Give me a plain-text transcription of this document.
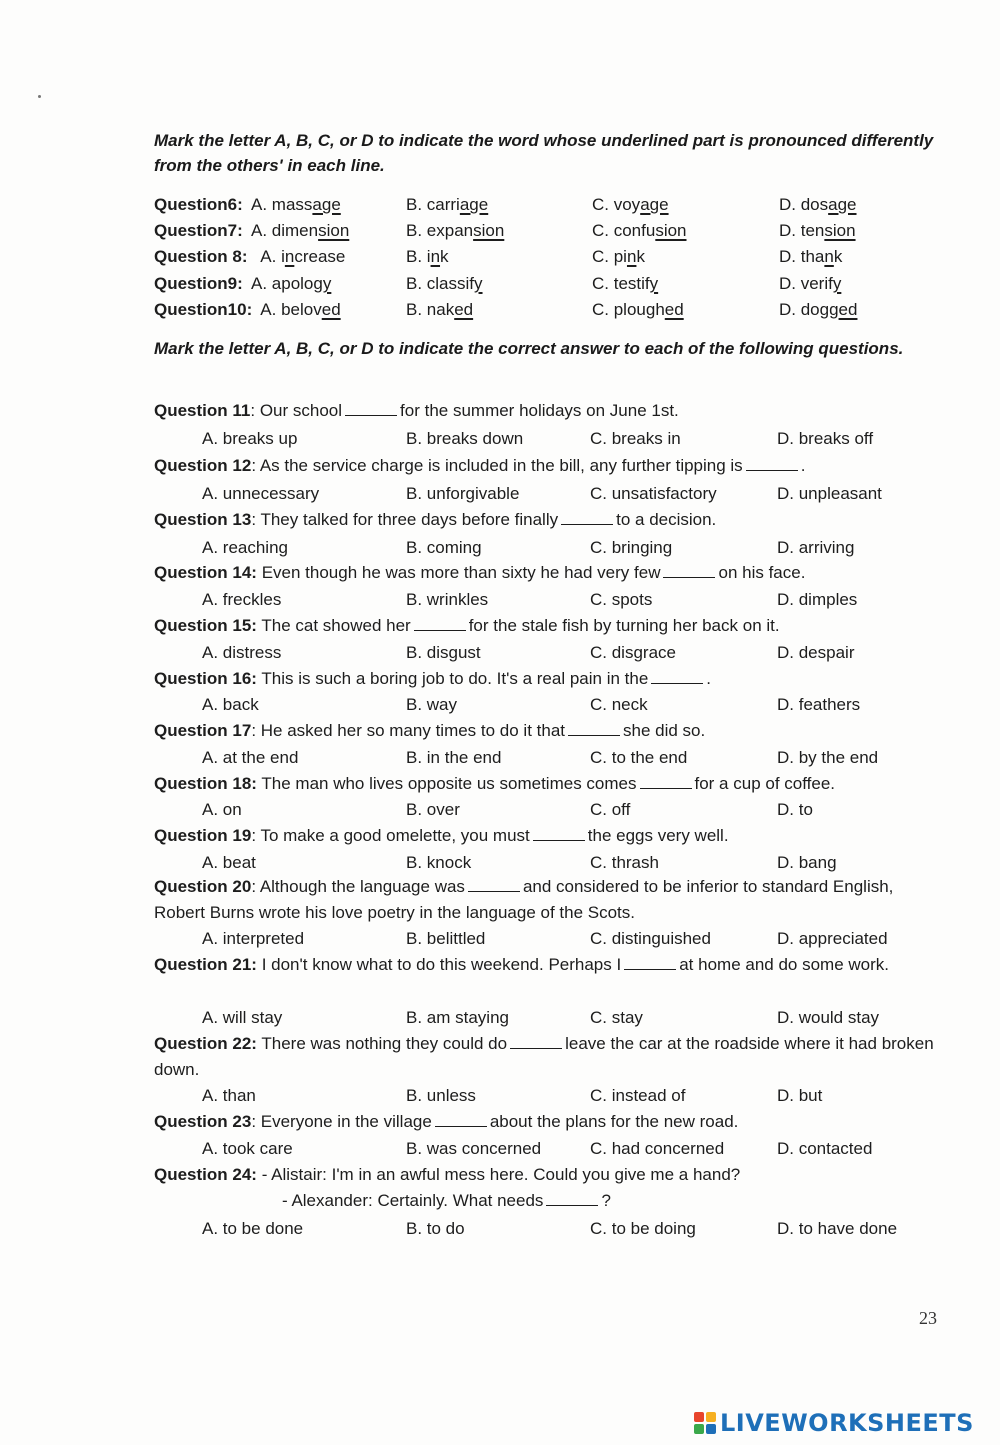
Mark the letter A, B, C, or D to indicate the word whose underlined part is pronounced differently from the others' in each line.
Question6: A. massage	B. carriage	C. voyage	D. dosage
Question7: A. dimension	B. expansion	C. confusion	D. tension
Question 8: A. increase	B. ink	C. pink	D. thank
Question9: A. apology	B. classify	C. testify	D. verify
Question10: A. beloved	B. naked	C. ploughed	D. dogged
Mark the letter A, B, C, or D to indicate the correct answer to each of the following questions.
Question 11: Our school	for the summer holidays on June 1st.
A. breaks up	B. breaks down	C. breaks in	D. breaks off
Question 12: As the service charge is included in the bill, any further tipping is	.
A. unnecessary	B. unforgivable	C. unsatisfactory	D. unpleasant
Question 13: They talked for three days before finally	to a decision.
A. reaching	B. coming	C. bringing	D. arriving
Question 14: Even though he was more than sixty he had very few	on his face.
A. freckles	B. wrinkles	C. spots	D. dimples
Question 15: The cat showed her	for the stale fish by turning her back on it.
A. distress	B. disgust	C. disgrace	D. despair
Question 16: This is such a boring job to do. It's a real pain in the	.
A. back	B. way	C. neck	D. feathers
Question 17: He asked her so many times to do it that	she did so.
A. at the end	B. in the end	C. to the end	D. by the end
Question 18: The man who lives opposite us sometimes comes	for a cup of coffee.
A. on	B. over	C. off	D. to
Question 19: To make a good omelette, you must	the eggs very well.
A. beat	B. knock	C. thrash	D. bang
Question 20: Although the language was	and considered to be inferior to standard English, Robert Burns wrote his love poetry in the language of the Scots.
A. interpreted	B. belittled	C. distinguished	D. appreciated
Question 21: I don't know what to do this weekend. Perhaps I	at home and do some work.
A. will stay	B. am staying	C. stay	D. would stay
Question 22: There was nothing they could do	leave the car at the roadside where it had broken down.
A. than	B. unless	C. instead of	D. but
Question 23: Everyone in the village	about the plans for the new road.
A. took care	B. was concerned	C. had concerned	D. contacted
Question 24: - Alistair: I'm in an awful mess here. Could you give me a hand?
- Alexander: Certainly. What needs	?
A. to be done	B. to do	C. to be doing	D. to have done
23
LIVEWORKSHEETS
